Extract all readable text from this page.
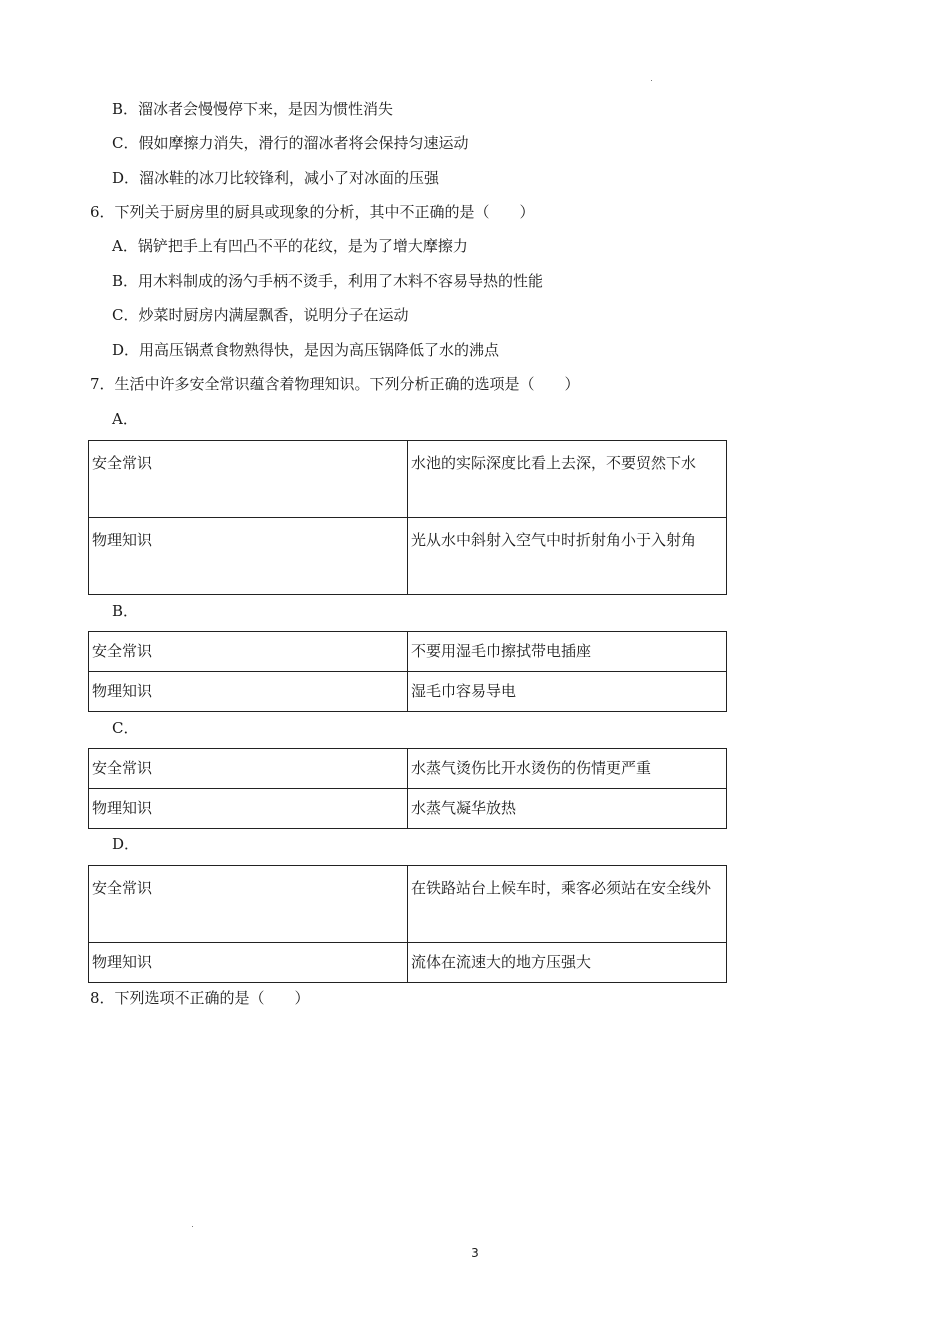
B．溜冰者会慢慢停下来，是因为惯性消失
C．假如摩擦力消失，滑行的溜冰者将会保持匀速运动
D．溜冰鞋的冰刀比较锋利，减小了对冰面的压强
6．下列关于厨房里的厨具或现象的分析，其中不正确的是（　　）
A．锅铲把手上有凹凸不平的花纹，是为了增大摩擦力
B．用木料制成的汤勺手柄不烫手，利用了木料不容易导热的性能
C．炒菜时厨房内满屋飘香，说明分子在运动
D．用高压锅煮食物熟得快，是因为高压锅降低了水的沸点
7．生活中许多安全常识蕴含着物理知识。下列分析正确的选项是（　　）
A．
安全常识	水池的实际深度比看上去深，不要贸然下水
物理知识	光从水中斜射入空气中时折射角小于入射角
B．
安全常识	不要用湿毛巾擦拭带电插座
物理知识	湿毛巾容易导电
C．
安全常识	水蒸气烫伤比开水烫伤的伤情更严重
物理知识	水蒸气凝华放热
D．
安全常识	在铁路站台上候车时，乘客必须站在安全线外
物理知识	流体在流速大的地方压强大
8．下列选项不正确的是（　　）
3
